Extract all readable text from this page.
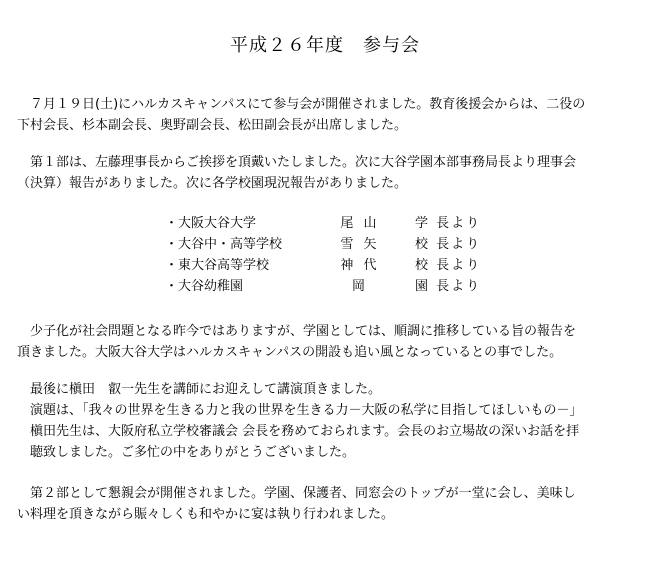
平成２６年度　参与会
　７月１９日(土)にハルカスキャンパスにて参与会が開催されました。教育後援会からは、二役の
下村会長、杉本副会長、奥野副会長、松田副会長が出席しました。
　第１部は、左藤理事長からご挨拶を頂戴いたしました。次に大谷学園本部事務局長より理事会
（決算）報告がありました。次に各学校園現況報告がありました。
・大阪大谷大学	尾 山	学 長より
・大谷中・高等学校	雪 矢	校 長より
・東大谷高等学校	神 代	校 長より
・大谷幼稚園	岡	園 長より
　少子化が社会問題となる昨今ではありますが、学園としては、順調に推移している旨の報告を
頂きました。大阪大谷大学はハルカスキャンパスの開設も追い風となっているとの事でした。
　最後に槇田　叡一先生を講師にお迎えして講演頂きました。
　演題は、「我々の世界を生きる力と我の世界を生きる力－大阪の私学に目指してほしいもの－」
　槇田先生は、大阪府私立学校審議会 会長を務めておられます。会長のお立場故の深いお話を拝
　聴致しました。ご多忙の中をありがとうございました。
　第２部として懇親会が開催されました。学園、保護者、同窓会のトップが一堂に会し、美味し
い料理を頂きながら賑々しくも和やかに宴は執り行われました。
